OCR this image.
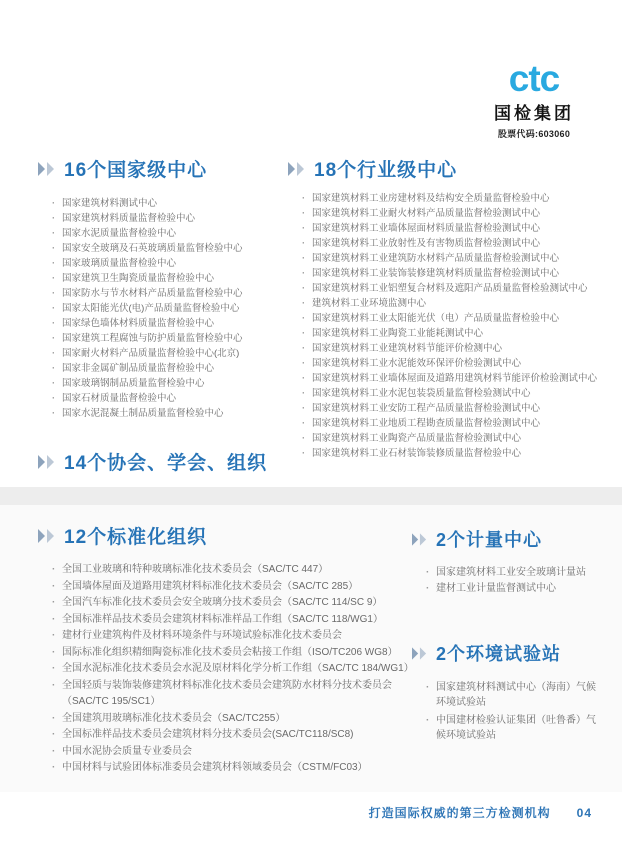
ctc
国检集团
股票代码:603060
16个国家级中心
· 国家建筑材料测试中心
· 国家建筑材料质量监督检验中心
· 国家水泥质量监督检验中心
· 国家安全玻璃及石英玻璃质量监督检验中心
· 国家玻璃质量监督检验中心
· 国家建筑卫生陶瓷质量监督检验中心
· 国家防水与节水材料产品质量监督检验中心
· 国家太阳能光伏(电)产品质量监督检验中心
· 国家绿色墙体材料质量监督检验中心
· 国家建筑工程腐蚀与防护质量监督检验中心
· 国家耐火材料产品质量监督检验中心(北京)
· 国家非金属矿制品质量监督检验中心
· 国家玻璃钢制品质量监督检验中心
· 国家石材质量监督检验中心
· 国家水泥混凝土制品质量监督检验中心
18个行业级中心
· 国家建筑材料工业房建材料及结构安全质量监督检验中心
· 国家建筑材料工业耐火材料产品质量监督检验测试中心
· 国家建筑材料工业墙体屋面材料质量监督检验测试中心
· 国家建筑材料工业放射性及有害物质监督检验测试中心
· 国家建筑材料工业建筑防水材料产品质量监督检验测试中心
· 国家建筑材料工业装饰装修建筑材料质量监督检验测试中心
· 国家建筑材料工业铝塑复合材料及遮阳产品质量监督检验测试中心
· 建筑材料工业环境监测中心
· 国家建筑材料工业太阳能光伏（电）产品质量监督检验中心
· 国家建筑材料工业陶瓷工业能耗测试中心
· 国家建筑材料工业建筑材料节能评价检测中心
· 国家建筑材料工业水泥能效环保评价检验测试中心
· 国家建筑材料工业墙体屋面及道路用建筑材料节能评价检验测试中心
· 国家建筑材料工业水泥包装袋质量监督检验测试中心
· 国家建筑材料工业安防工程产品质量监督检验测试中心
· 国家建筑材料工业地质工程勘查质量监督检验测试中心
· 国家建筑材料工业陶瓷产品质量监督检验测试中心
· 国家建筑材料工业石材装饰装修质量监督检验中心
14个协会、学会、组织
12个标准化组织
· 全国工业玻璃和特种玻璃标准化技术委员会（SAC/TC 447）
· 全国墙体屋面及道路用建筑材料标准化技术委员会（SAC/TC 285）
· 全国汽车标准化技术委员会安全玻璃分技术委员会（SAC/TC 114/SC 9）
· 全国标准样品技术委员会建筑材料标准样品工作组（SAC/TC 118/WG1）
· 建材行业建筑构件及材料环境条件与环境试验标准化技术委员会
· 国际标准化组织精细陶瓷标准化技术委员会粘接工作组（ISO/TC206 WG8）
· 全国水泥标准化技术委员会水泥及原材料化学分析工作组（SAC/TC 184/WG1）
· 全国轻质与装饰装修建筑材料标准化技术委员会建筑防水材料分技术委员会（SAC/TC 195/SC1）
· 全国建筑用玻璃标准化技术委员会（SAC/TC255）
· 全国标准样品技术委员会建筑材料分技术委员会(SAC/TC118/SC8)
· 中国水泥协会质量专业委员会
· 中国材料与试验团体标准委员会建筑材料领域委员会（CSTM/FC03）
2个计量中心
· 国家建筑材料工业安全玻璃计量站
· 建材工业计量监督测试中心
2个环境试验站
· 国家建筑材料测试中心（海南）气候环境试验站
· 中国建材检验认证集团（吐鲁番）气候环境试验站
打造国际权威的第三方检测机构 04
